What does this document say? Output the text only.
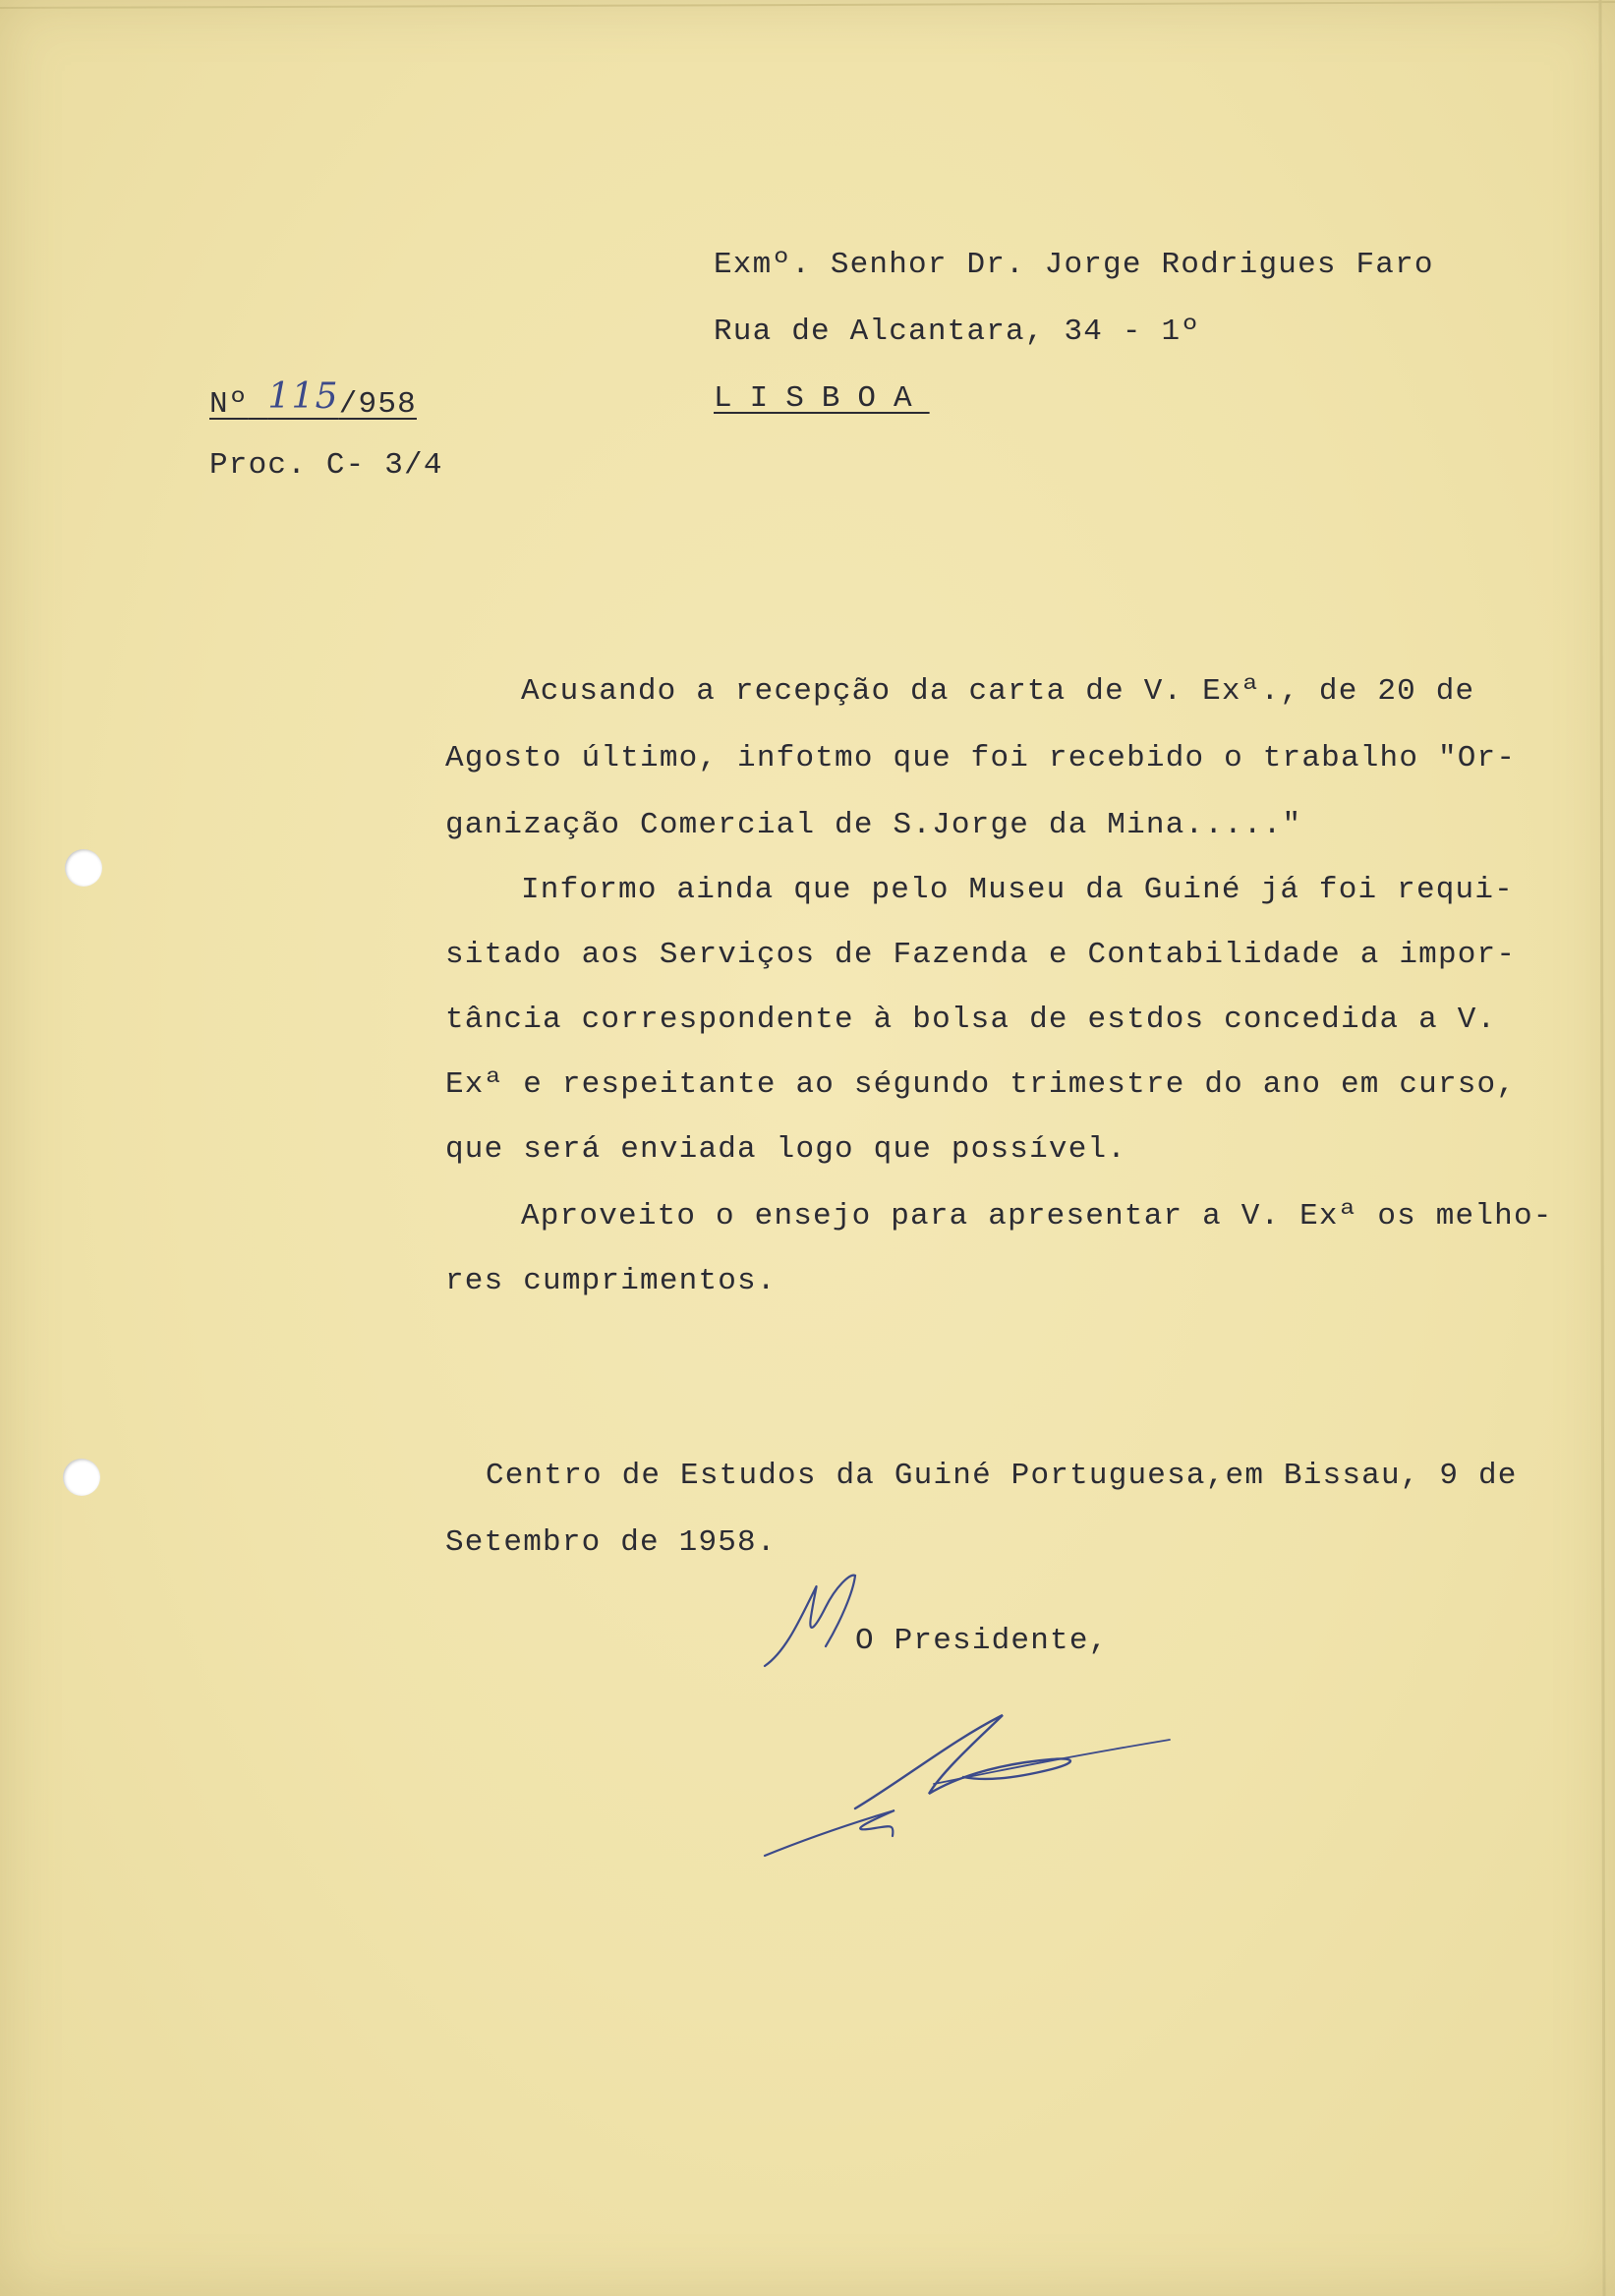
Exmº. Senhor Dr. Jorge Rodrigues Faro
Rua de Alcantara, 34 - 1º
LISBOA
Nº 115/958
Proc. C- 3/4
Acusando a recepção da carta de V. Exª., de 20 de
Agosto último, infotmo que foi recebido o trabalho "Or-
ganização Comercial de S.Jorge da Mina....."
Informo ainda que pelo Museu da Guiné já foi requi-
sitado aos Serviços de Fazenda e Contabilidade a impor-
tância correspondente à bolsa de estdos concedida a V.
Exª e respeitante ao ségundo trimestre do ano em curso,
que será enviada logo que possível.
Aproveito o ensejo para apresentar a V. Exª os melho-
res cumprimentos.
Centro de Estudos da Guiné Portuguesa,em Bissau, 9 de
Setembro de 1958.
O Presidente,
